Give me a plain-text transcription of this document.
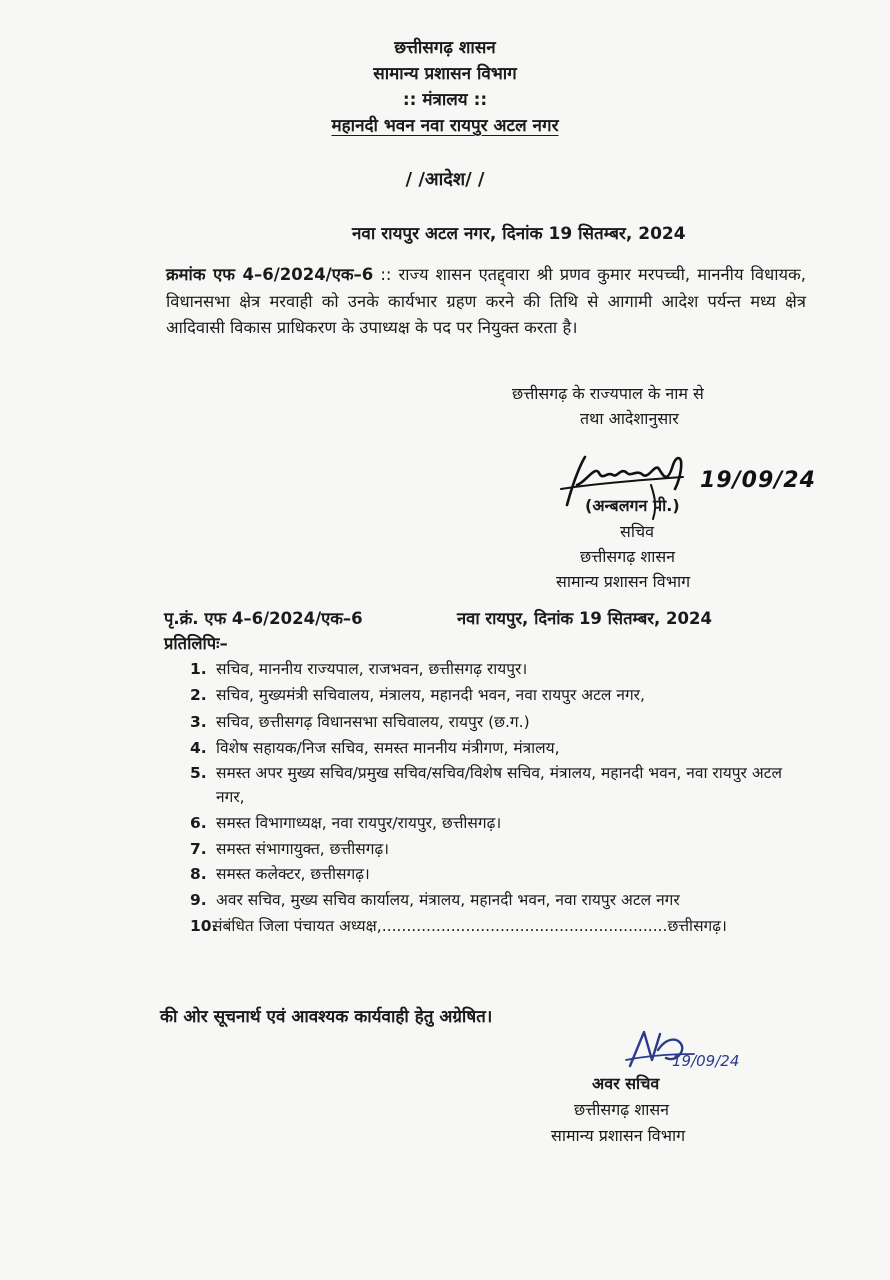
छत्तीसगढ़ शासन
सामान्य प्रशासन विभाग
:: मंत्रालय ::
महानदी भवन नवा रायपुर अटल नगर
/ /आदेश/ /
नवा रायपुर अटल नगर, दिनांक 19 सितम्बर, 2024
क्रमांक एफ 4–6/2024/एक–6 :: राज्य शासन एतद्द्वारा श्री प्रणव कुमार मरपच्ची, माननीय विधायक, विधानसभा क्षेत्र मरवाही को उनके कार्यभार ग्रहण करने की तिथि से आगामी आदेश पर्यन्त मध्य क्षेत्र आदिवासी विकास प्राधिकरण के उपाध्यक्ष के पद पर नियुक्त करता है।
छत्तीसगढ़ के राज्यपाल के नाम से
तथा आदेशानुसार
19/09/24
(अन्बलगन पी.)
सचिव
छत्तीसगढ़ शासन
सामान्य प्रशासन विभाग
पृ.क्रं. एफ 4–6/2024/एक–6	नवा रायपुर, दिनांक 19 सितम्बर, 2024
प्रतिलिपिः–
1. सचिव, माननीय राज्यपाल, राजभवन, छत्तीसगढ़ रायपुर।
2. सचिव, मुख्यमंत्री सचिवालय, मंत्रालय, महानदी भवन, नवा रायपुर अटल नगर,
3. सचिव, छत्तीसगढ़ विधानसभा सचिवालय, रायपुर (छ.ग.)
4. विशेष सहायक/निज सचिव, समस्त माननीय मंत्रीगण, मंत्रालय,
5. समस्त अपर मुख्य सचिव/प्रमुख सचिव/सचिव/विशेष सचिव, मंत्रालय, महानदी भवन, नवा रायपुर अटल नगर,
6. समस्त विभागाध्यक्ष, नवा रायपुर/रायपुर, छत्तीसगढ़।
7. समस्त संभागायुक्त, छत्तीसगढ़।
8. समस्त कलेक्टर, छत्तीसगढ़।
9. अवर सचिव, मुख्य सचिव कार्यालय, मंत्रालय, महानदी भवन, नवा रायपुर अटल नगर
10.
संबंधित जिला पंचायत अध्यक्ष,..........................................................छत्तीसगढ़।
की ओर सूचनार्थ एवं आवश्यक कार्यवाही हेतु अग्रेषित।
19/09/24
अवर सचिव
छत्तीसगढ़ शासन
सामान्य प्रशासन विभाग
